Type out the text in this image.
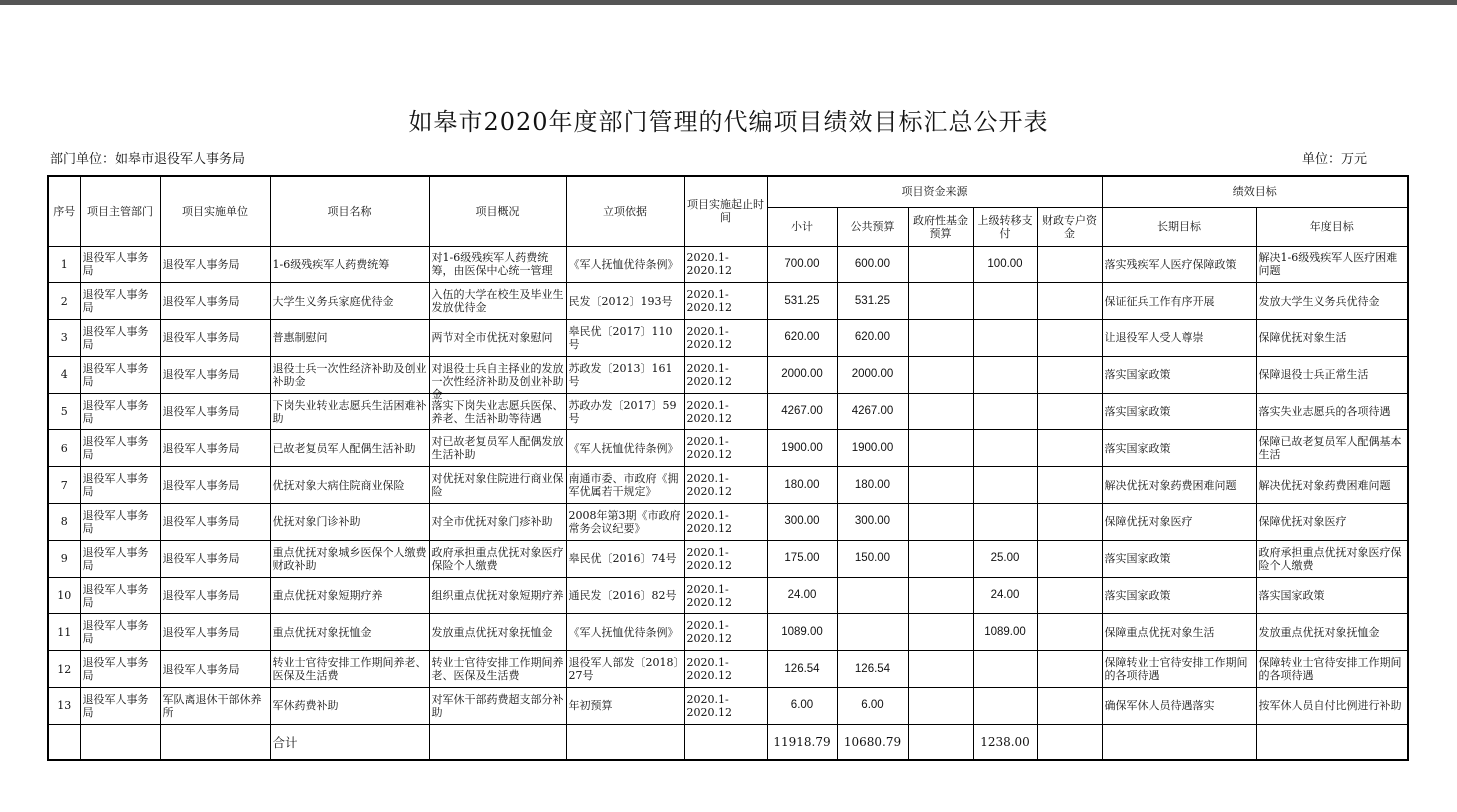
如皋市2020年度部门管理的代编项目绩效目标汇总公开表
部门单位：如皋市退役军人事务局	单位：万元
序号	项目主管部门	项目实施单位	项目名称	项目概况	立项依据	项目实施起止时间	项目资金来源					绩效目标	
							小计	公共预算	政府性基金预算	上级转移支付	财政专户资金	长期目标	年度目标
1	退役军人事务局	退役军人事务局	1-6级残疾军人药费统筹	对1-6级残疾军人药费统筹，由医保中心统一管理	《军人抚恤优待条例》	2020.1-2020.12	700.00	600.00		100.00		落实残疾军人医疗保障政策	解决1-6级残疾军人医疗困难问题

2	退役军人事务局	退役军人事务局	大学生义务兵家庭优待金	入伍的大学在校生及毕业生发放优待金	民发〔2012〕193号	2020.1-2020.12	531.25	531.25				保证征兵工作有序开展	发放大学生义务兵优待金

3	退役军人事务局	退役军人事务局	普惠制慰问	两节对全市优抚对象慰问	皋民优〔2017〕110号	2020.1-2020.12	620.00	620.00				让退役军人受人尊崇	保障优抚对象生活

4	退役军人事务局	退役军人事务局	退役士兵一次性经济补助及创业补助金	对退役士兵自主择业的发放一次性经济补助及创业补助金	苏政发〔2013〕161号	2020.1-2020.12	2000.00	2000.00				落实国家政策	保障退役士兵正常生活

5	退役军人事务局	退役军人事务局	下岗失业转业志愿兵生活困难补助	落实下岗失业志愿兵医保、养老、生活补助等待遇	苏政办发〔2017〕59号	2020.1-2020.12	4267.00	4267.00				落实国家政策	落实失业志愿兵的各项待遇

6	退役军人事务局	退役军人事务局	已故老复员军人配偶生活补助	对已故老复员军人配偶发放生活补助	《军人抚恤优待条例》	2020.1-2020.12	1900.00	1900.00				落实国家政策	保障已故老复员军人配偶基本生活

7	退役军人事务局	退役军人事务局	优抚对象大病住院商业保险	对优抚对象住院进行商业保险	南通市委、市政府《拥军优属若干规定》	2020.1-2020.12	180.00	180.00				解决优抚对象药费困难问题	解决优抚对象药费困难问题

8	退役军人事务局	退役军人事务局	优抚对象门诊补助	对全市优抚对象门疹补助	2008年第3期《市政府常务会议纪要》	2020.1-2020.12	300.00	300.00				保障优抚对象医疗	保障优抚对象医疗

9	退役军人事务局	退役军人事务局	重点优抚对象城乡医保个人缴费财政补助	政府承担重点优抚对象医疗保险个人缴费	皋民优〔2016〕74号	2020.1-2020.12	175.00	150.00		25.00		落实国家政策	政府承担重点优抚对象医疗保险个人缴费

10	退役军人事务局	退役军人事务局	重点优抚对象短期疗养	组织重点优抚对象短期疗养	通民发〔2016〕82号	2020.1-2020.12	24.00			24.00		落实国家政策	落实国家政策

11	退役军人事务局	退役军人事务局	重点优抚对象抚恤金	发放重点优抚对象抚恤金	《军人抚恤优待条例》	2020.1-2020.12	1089.00			1089.00		保障重点优抚对象生活	发放重点优抚对象抚恤金

12	退役军人事务局	退役军人事务局	转业士官待安排工作期间养老、医保及生活费	转业士官待安排工作期间养老、医保及生活费	退役军人部发〔2018〕27号	2020.1-2020.12	126.54	126.54				保障转业士官待安排工作期间的各项待遇	保障转业士官待安排工作期间的各项待遇

13	退役军人事务局	军队离退休干部休养所	军休药费补助	对军休干部药费超支部分补助	年初预算	2020.1-2020.12	6.00	6.00				确保军休人员待遇落实	按军休人员自付比例进行补助

			合计				11918.79	10680.79		1238.00			
